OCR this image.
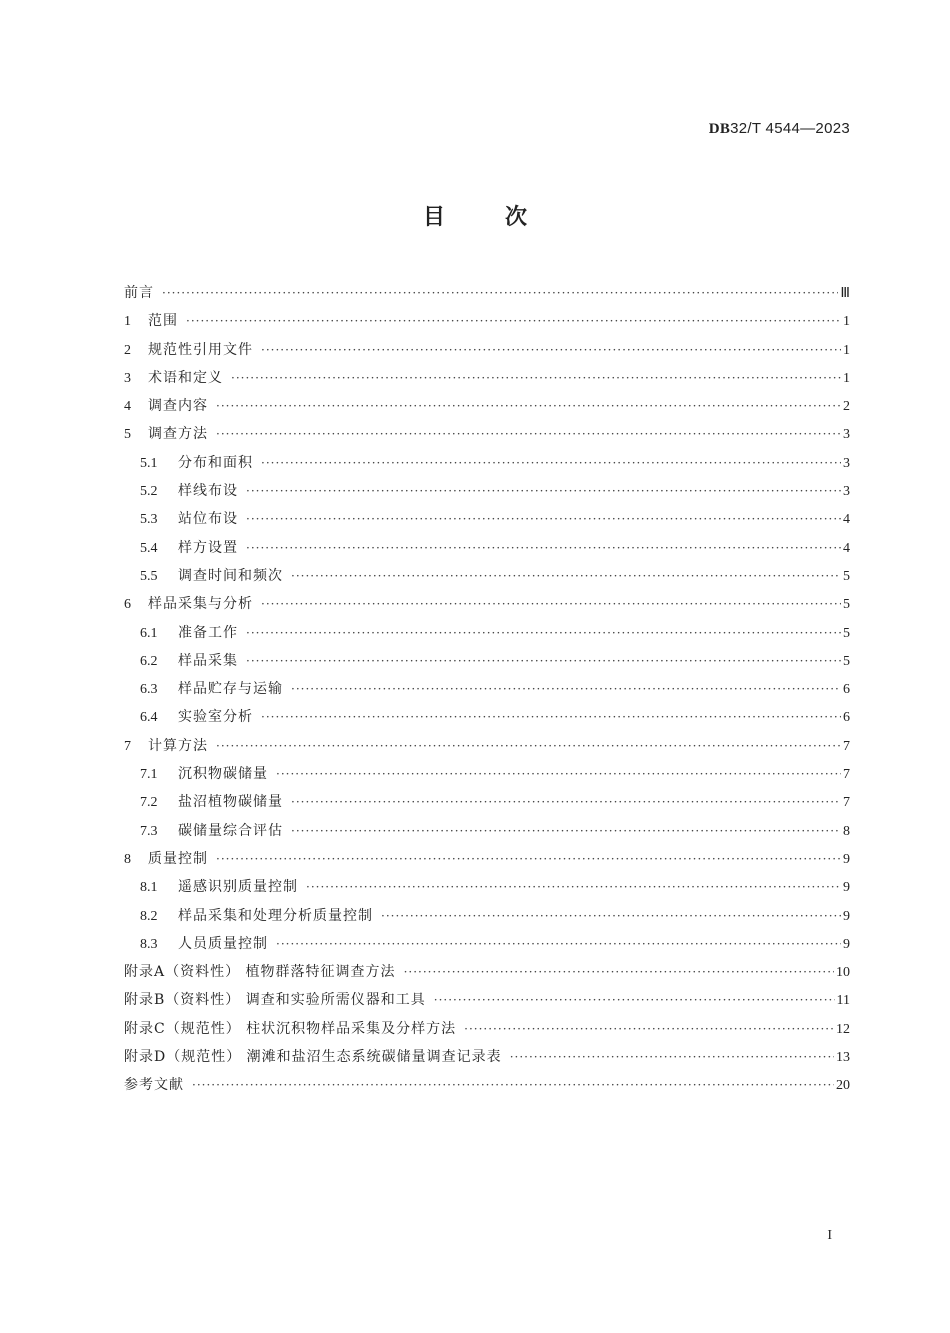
DB32/T 4544—2023
目次
前言 ·····	Ⅲ
1	范围 ·····	1
2	规范性引用文件 ·····	1
3	术语和定义 ·····	1
4	调查内容 ·····	2
5	调查方法 ·····	3
5.1	分布和面积 ·····	3
5.2	样线布设 ·····	3
5.3	站位布设 ·····	4
5.4	样方设置 ·····	4
5.5	调查时间和频次 ·····	5
6	样品采集与分析 ·····	5
6.1	准备工作 ·····	5
6.2	样品采集 ·····	5
6.3	样品贮存与运输 ·····	6
6.4	实验室分析 ·····	6
7	计算方法 ·····	7
7.1	沉积物碳储量 ·····	7
7.2	盐沼植物碳储量 ·····	7
7.3	碳储量综合评估 ·····	8
8	质量控制 ·····	9
8.1	遥感识别质量控制 ·····	9
8.2	样品采集和处理分析质量控制 ·····	9
8.3	人员质量控制 ·····	9
附录A（资料性） 植物群落特征调查方法 ·····	10
附录B（资料性） 调查和实验所需仪器和工具 ·····	11
附录C（规范性） 柱状沉积物样品采集及分样方法 ·····	12
附录D（规范性） 潮滩和盐沼生态系统碳储量调查记录表 ·····	13
参考文献 ·····	20
I
